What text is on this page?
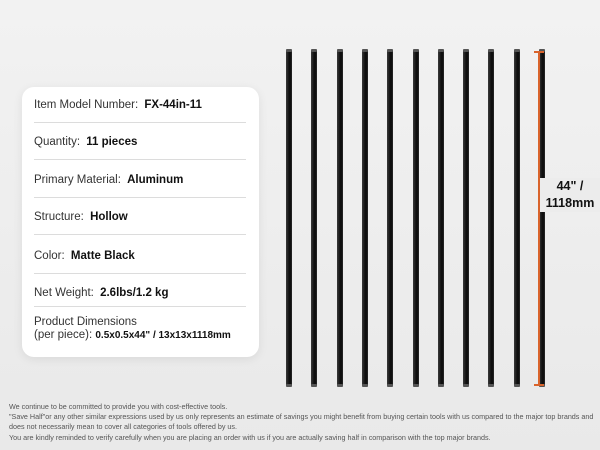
Item Model Number: FX-44in-11
Quantity: 11 pieces
Primary Material: Aluminum
Structure: Hollow
Color: Matte Black
Net Weight: 2.6lbs/1.2 kg
Product Dimensions
(per piece): 0.5x0.5x44" / 13x13x1118mm
44" /
1118mm
We continue to be committed to provide you with cost-effective tools.
"Save Half"or any other similar expressions used by us only represents an estimate of savings you might benefit from buying certain tools with us compared to the major top brands and does not necessarily mean to cover all categories of tools offered by us.
You are kindly reminded to verify carefully when you are placing an order with us if you are actually saving half in comparison with the top major brands.
